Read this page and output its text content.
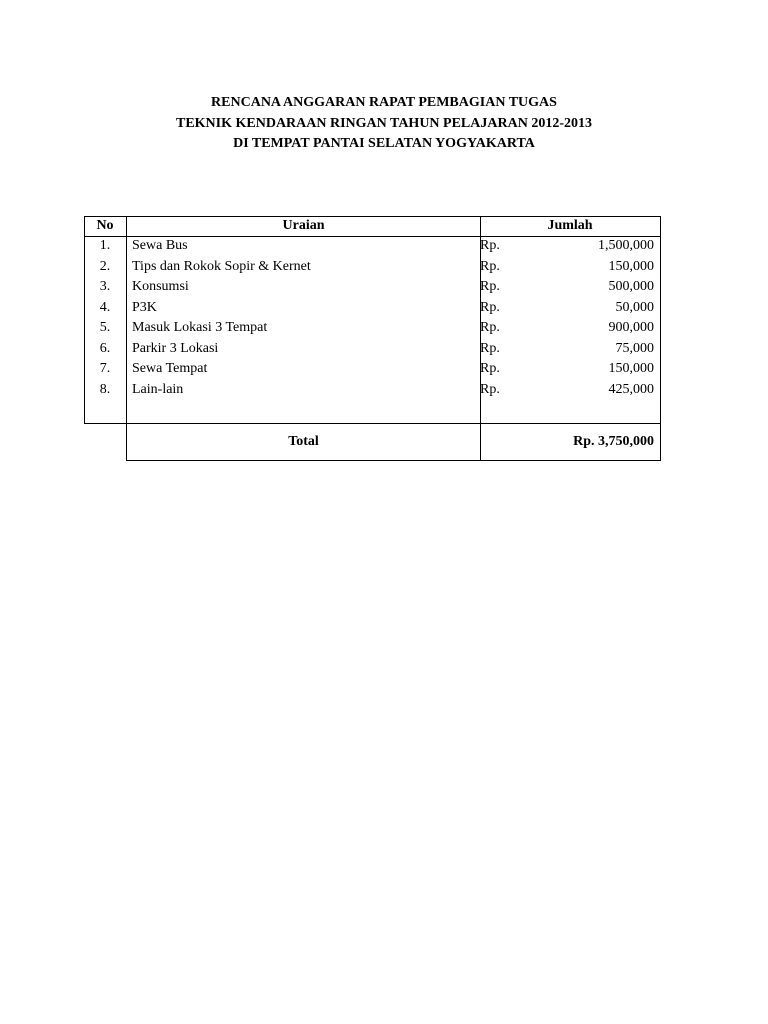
RENCANA ANGGARAN RAPAT PEMBAGIAN TUGAS
TEKNIK KENDARAAN RINGAN TAHUN PELAJARAN 2012-2013
DI TEMPAT PANTAI SELATAN YOGYAKARTA
No	Uraian	Jumlah
1.	Sewa Bus	Rp.	1,500,000
2.	Tips dan Rokok Sopir & Kernet	Rp.	150,000
3.	Konsumsi	Rp.	500,000
4.	P3K	Rp.	50,000
5.	Masuk Lokasi 3 Tempat	Rp.	900,000
6.	Parkir 3 Lokasi	Rp.	75,000
7.	Sewa Tempat	Rp.	150,000
8.	Lain-lain	Rp.	425,000
Total	Rp. 3,750,000
